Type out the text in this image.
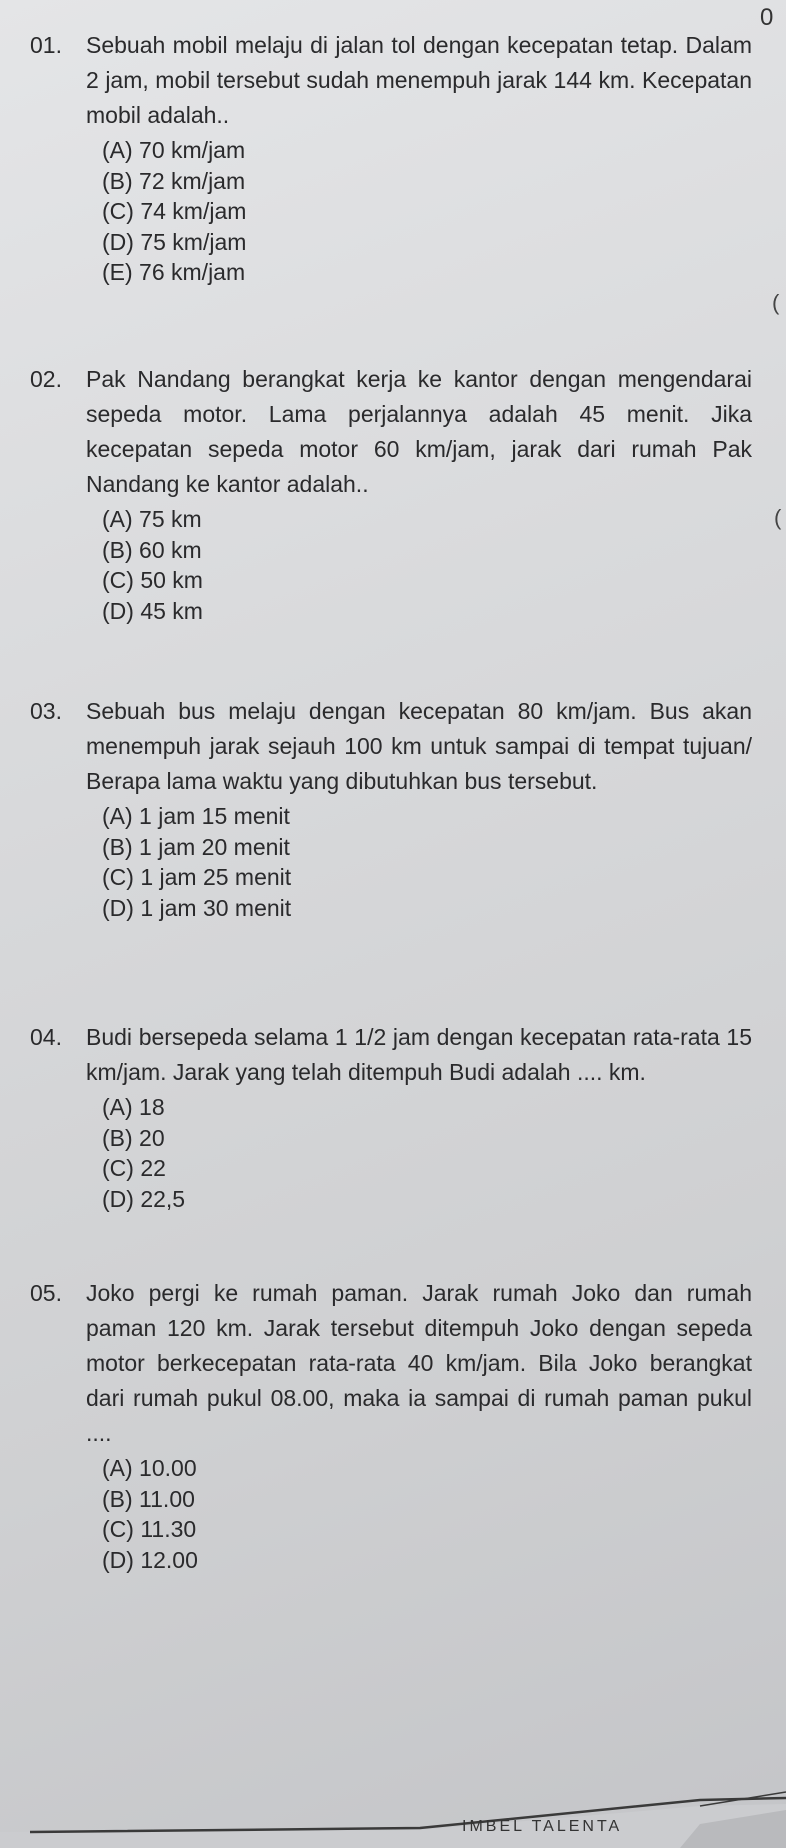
0
(
(
01.	Sebuah mobil melaju di jalan tol dengan kecepatan tetap. Dalam 2 jam, mobil tersebut sudah menempuh jarak 144 km. Kecepatan mobil adalah..
(A) 70 km/jam
(B) 72 km/jam
(C) 74 km/jam
(D) 75 km/jam
(E) 76 km/jam
02.	Pak Nandang berangkat kerja ke kantor dengan mengendarai sepeda motor. Lama perjalannya adalah 45 menit. Jika kecepatan sepeda motor 60 km/jam, jarak dari rumah Pak Nandang ke kantor adalah..
(A) 75 km
(B) 60 km
(C) 50 km
(D) 45 km
03.	Sebuah bus melaju dengan kecepatan 80 km/jam. Bus akan menempuh jarak sejauh 100 km untuk sampai di tempat tujuan/ Berapa lama waktu yang dibutuhkan bus tersebut.
(A) 1 jam 15 menit
(B) 1 jam 20 menit
(C) 1 jam 25 menit
(D) 1 jam 30 menit
04.	Budi bersepeda selama 1 1/2 jam dengan kecepatan rata-rata 15 km/jam. Jarak yang telah ditempuh Budi adalah .... km.
(A) 18
(B) 20
(C) 22
(D) 22,5
05.	Joko pergi ke rumah paman. Jarak rumah Joko dan rumah paman 120 km. Jarak tersebut ditempuh Joko dengan sepeda motor berkecepatan rata-rata 40 km/jam. Bila Joko berangkat dari rumah pukul 08.00, maka ia sampai di rumah paman pukul ....
(A) 10.00
(B) 11.00
(C) 11.30
(D) 12.00
IMBEL TALENTA
